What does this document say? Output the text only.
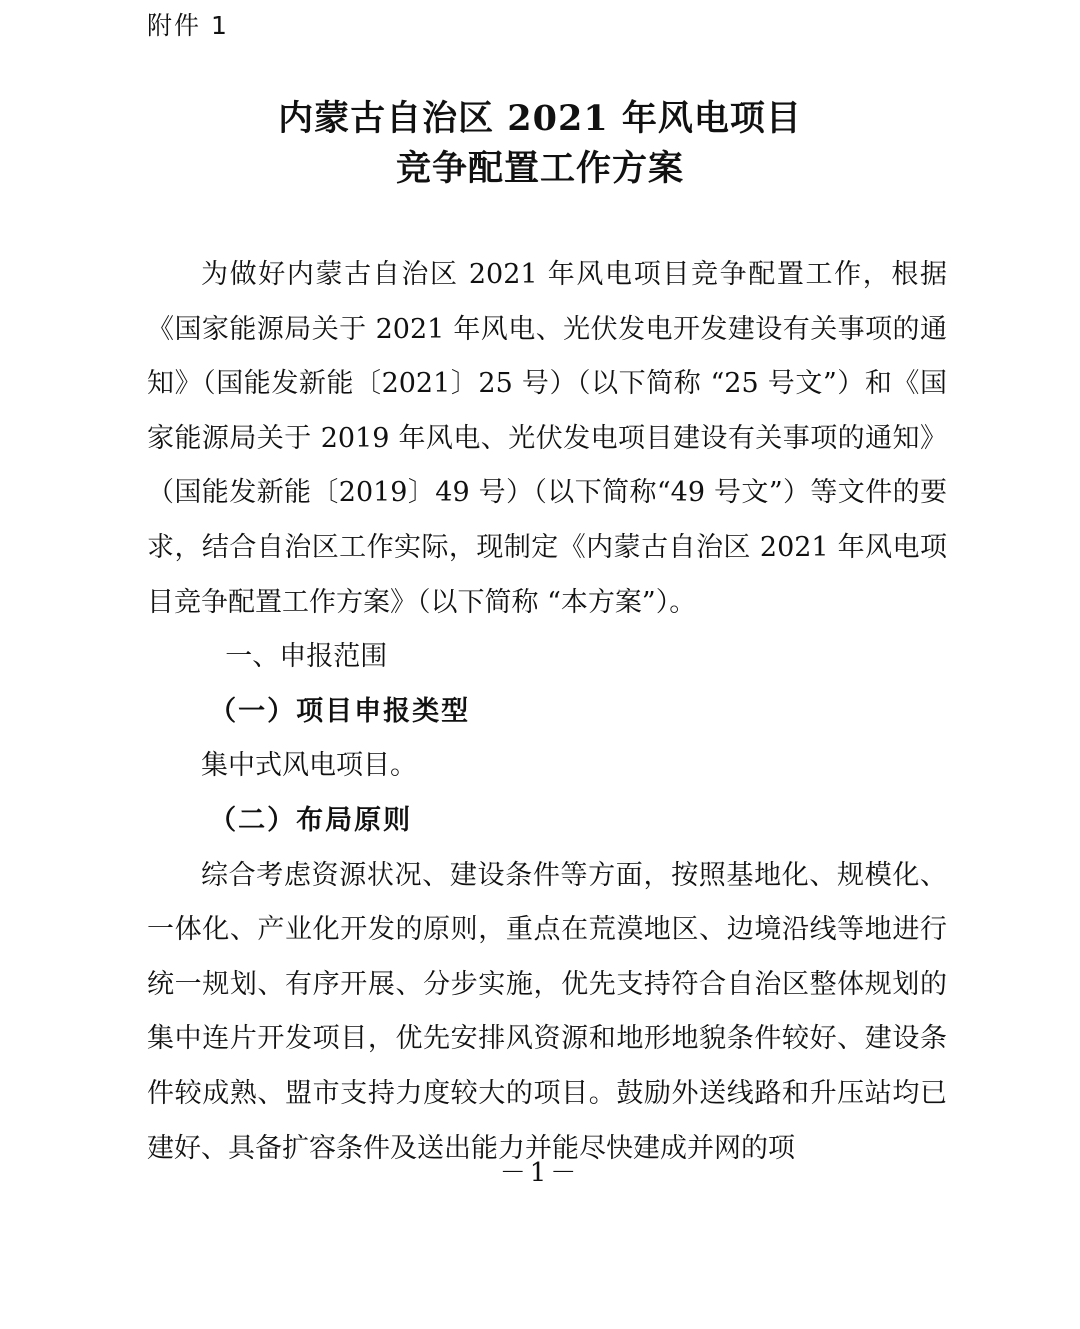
附件 1
内蒙古自治区 2021 年风电项目
竞争配置工作方案

为做好内蒙古自治区 2021 年风电项目竞争配置工作，根据《国家能源局关于 2021 年风电、光伏发电开发建设有关事项的通知》（国能发新能〔2021〕25 号）（以下简称 “25 号文”）和《国家能源局关于 2019 年风电、光伏发电项目建设有关事项的通知》（国能发新能〔2019〕49 号）（以下简称“49 号文”）等文件的要求，结合自治区工作实际，现制定《内蒙古自治区 2021 年风电项目竞争配置工作方案》（以下简称 “本方案”）。

一、申报范围
（一）项目申报类型

集中式风电项目。

（二）布局原则

综合考虑资源状况、建设条件等方面，按照基地化、规模化、一体化、产业化开发的原则，重点在荒漠地区、边境沿线等地进行统一规划、有序开展、分步实施，优先支持符合自治区整体规划的集中连片开发项目，优先安排风资源和地形地貌条件较好、建设条件较成熟、盟市支持力度较大的项目。鼓励外送线路和升压站均已建好、具备扩容条件及送出能力并能尽快建成并网的项

－1－
